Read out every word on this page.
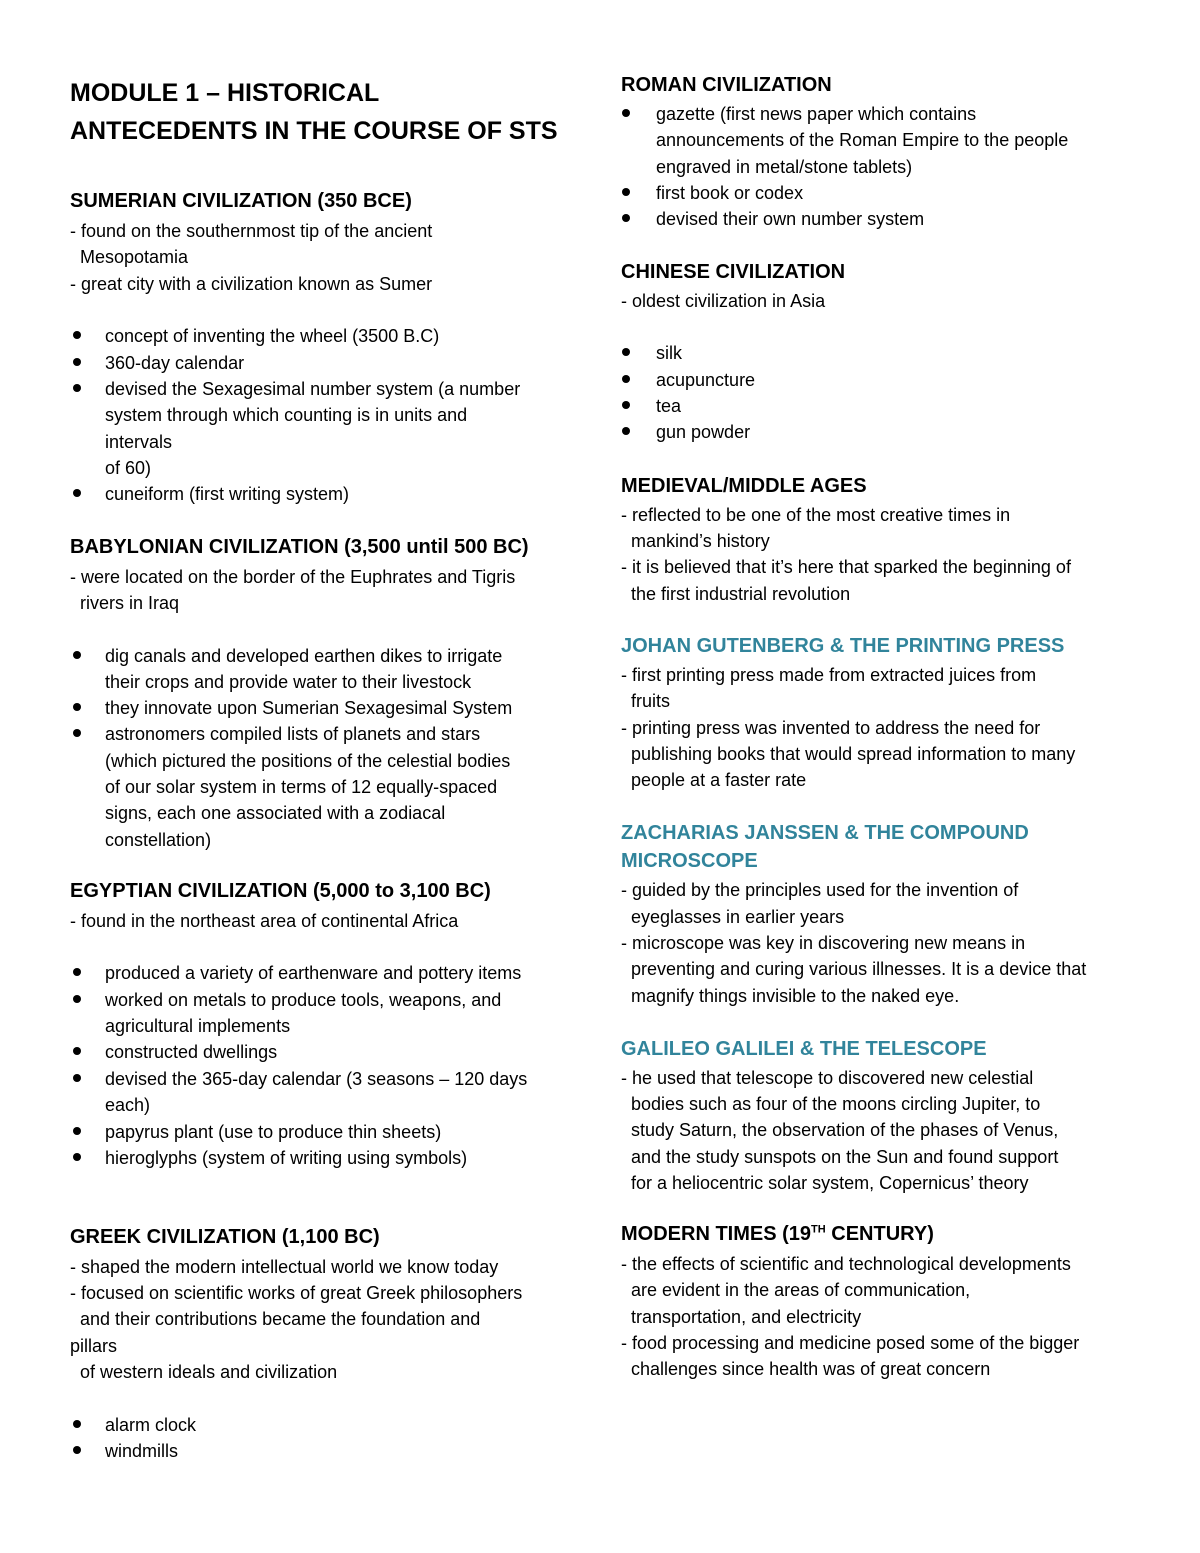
MODULE 1 – HISTORICAL
ANTECEDENTS IN THE COURSE OF STS
SUMERIAN CIVILIZATION (350 BCE)
- found on the southernmost tip of the ancient
Mesopotamia
- great city with a civilization known as Sumer
concept of inventing the wheel (3500 B.C)
360-day calendar
devised the Sexagesimal number system (a number
system through which counting is in units and
intervals
of 60)
cuneiform (first writing system)
BABYLONIAN CIVILIZATION (3,500 until 500 BC)
- were located on the border of the Euphrates and Tigris
rivers in Iraq
dig canals and developed earthen dikes to irrigate
their crops and provide water to their livestock
they innovate upon Sumerian Sexagesimal System
astronomers compiled lists of planets and stars
(which pictured the positions of the celestial bodies
of our solar system in terms of 12 equally-spaced
signs, each one associated with a zodiacal
constellation)
EGYPTIAN CIVILIZATION (5,000 to 3,100 BC)
- found in the northeast area of continental Africa
produced a variety of earthenware and pottery items
worked on metals to produce tools, weapons, and
agricultural implements
constructed dwellings
devised the 365-day calendar (3 seasons – 120 days
each)
papyrus plant (use to produce thin sheets)
hieroglyphs (system of writing using symbols)
GREEK CIVILIZATION (1,100 BC)
- shaped the modern intellectual world we know today
- focused on scientific works of great Greek philosophers
and their contributions became the foundation and
pillars
of western ideals and civilization
alarm clock
windmills
ROMAN CIVILIZATION
gazette (first news paper which contains
announcements of the Roman Empire to the people
engraved in metal/stone tablets)
first book or codex
devised their own number system
CHINESE CIVILIZATION
- oldest civilization in Asia
silk
acupuncture
tea
gun powder
MEDIEVAL/MIDDLE AGES
- reflected to be one of the most creative times in
mankind’s history
- it is believed that it’s here that sparked the beginning of
the first industrial revolution
JOHAN GUTENBERG & THE PRINTING PRESS
- first printing press made from extracted juices from
fruits
- printing press was invented to address the need for
publishing books that would spread information to many
people at a faster rate
ZACHARIAS JANSSEN & THE COMPOUND
MICROSCOPE
- guided by the principles used for the invention of
eyeglasses in earlier years
- microscope was key in discovering new means in
preventing and curing various illnesses. It is a device that
magnify things invisible to the naked eye.
GALILEO GALILEI & THE TELESCOPE
- he used that telescope to discovered new celestial
bodies such as four of the moons circling Jupiter, to
study Saturn, the observation of the phases of Venus,
and the study sunspots on the Sun and found support
for a heliocentric solar system, Copernicus’ theory
MODERN TIMES (19TH CENTURY)
- the effects of scientific and technological developments
are evident in the areas of communication,
transportation, and electricity
- food processing and medicine posed some of the bigger
challenges since health was of great concern
